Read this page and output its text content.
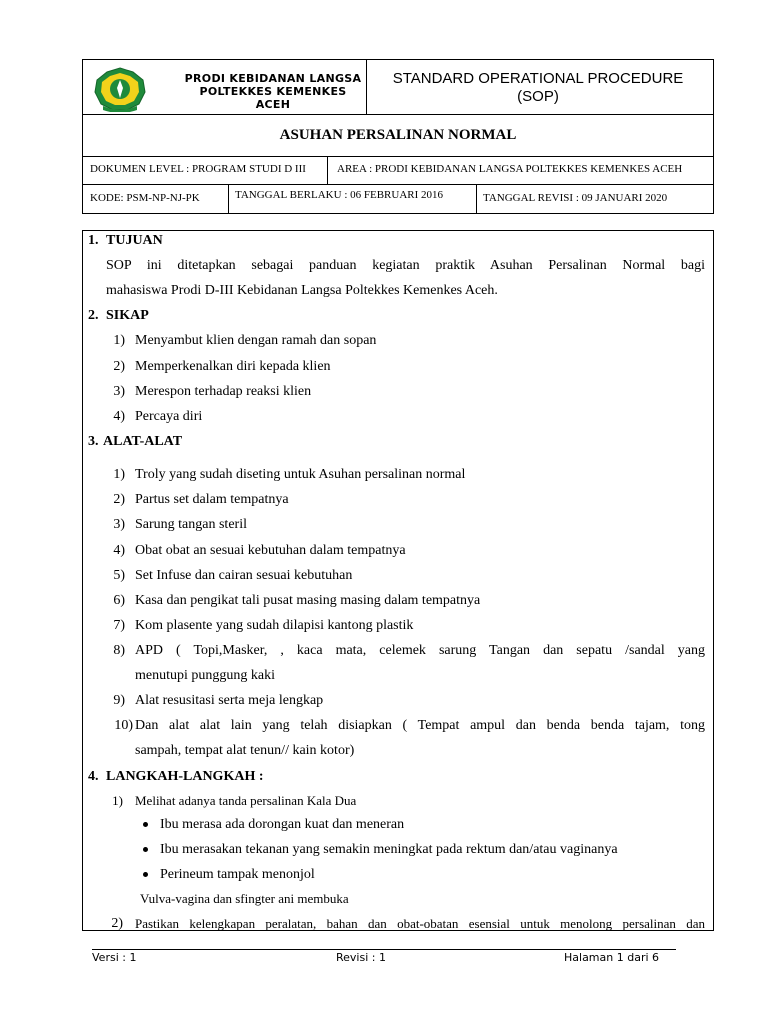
PRODI KEBIDANAN LANGSA
POLTEKKES KEMENKES
ACEH
STANDARD OPERATIONAL PROCEDURE
(SOP)
ASUHAN PERSALINAN NORMAL
DOKUMEN LEVEL : PROGRAM STUDI D III	AREA : PRODI KEBIDANAN LANGSA POLTEKKES KEMENKES ACEH
KODE: PSM-NP-NJ-PK	TANGGAL BERLAKU : 06 FEBRUARI 2016	TANGGAL REVISI : 09 JANUARI 2020
1. TUJUAN
SOP ini ditetapkan sebagai panduan kegiatan praktik Asuhan Persalinan Normal bagi
mahasiswa Prodi D-III Kebidanan Langsa Poltekkes Kemenkes Aceh.
2. SIKAP
1) Menyambut klien dengan ramah dan sopan
2) Memperkenalkan diri kepada klien
3) Merespon terhadap reaksi klien
4) Percaya diri
3. ALAT-ALAT
1) Troly yang sudah diseting untuk Asuhan persalinan normal
2) Partus set dalam tempatnya
3) Sarung tangan steril
4) Obat obat an sesuai kebutuhan dalam tempatnya
5) Set Infuse dan cairan sesuai kebutuhan
6) Kasa dan pengikat tali pusat masing masing dalam tempatnya
7) Kom plasente yang sudah dilapisi kantong plastik
8) APD ( Topi,Masker, , kaca mata, celemek sarung Tangan dan sepatu /sandal yang
menutupi punggung kaki
9) Alat resusitasi serta meja lengkap
10) Dan alat alat lain yang telah disiapkan ( Tempat ampul dan benda benda tajam, tong
sampah, tempat alat tenun// kain kotor)
4. LANGKAH-LANGKAH :
1) Melihat adanya tanda persalinan Kala Dua
Ibu merasa ada dorongan kuat dan meneran
Ibu merasakan tekanan yang semakin meningkat pada rektum dan/atau vaginanya
Perineum tampak menonjol
Vulva-vagina dan sfingter ani membuka
2) Pastikan kelengkapan peralatan, bahan dan obat-obatan esensial untuk menolong persalinan dan
Versi : 1	Revisi : 1	Halaman 1 dari 6
